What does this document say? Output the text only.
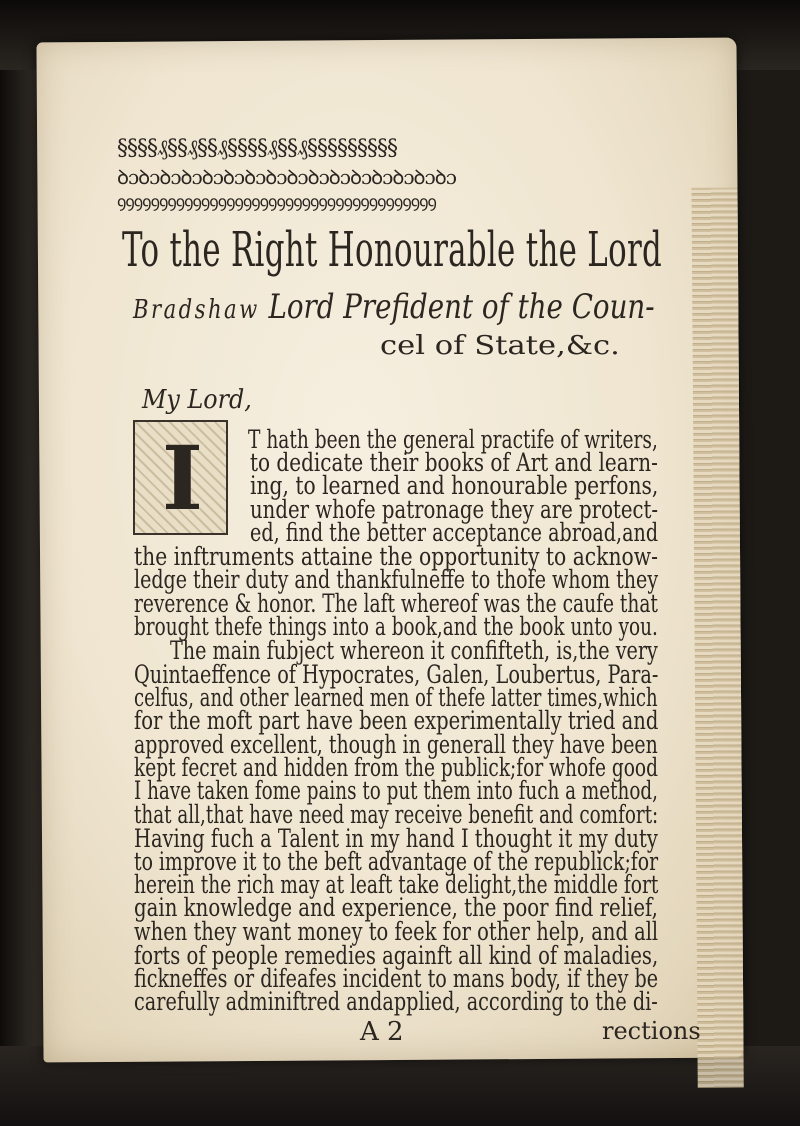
§§§§₰§§₰§§₰§§§§₰§§₰§§§§§§§§§
ꝺɔꝺɔꝺɔꝺɔꝺɔꝺɔꝺɔꝺɔꝺɔꝺɔꝺɔꝺɔꝺɔꝺɔꝺɔꝺɔ
ꝯꝯꝯꝯꝯꝯꝯꝯꝯꝯꝯꝯꝯꝯꝯꝯꝯꝯꝯꝯꝯꝯꝯꝯꝯꝯꝯꝯꝯꝯꝯꝯꝯꝯꝯꝯꝯꝯ
To the Right Honourable the Lord
Bradshaw Lord Prefident of the Coun-
cel of State,&c.
My Lord,
I	T hath been the general practife of writers,
to dedicate their books of Art and learn-
ing, to learned and honourable perfons,
under whofe patronage they are protect-
ed, find the better acceptance abroad,and
the inftruments attaine the opportunity to acknow-
ledge their duty and thankfulneffe to thofe whom they
reverence & honor. The laft whereof was the caufe that
brought thefe things into a book,and the book unto you.
The main fubject whereon it confifteth, is,the very
Quintaeffence of Hypocrates, Galen, Loubertus, Para-
celfus, and other learned men of thefe latter times,which
for the moft part have been experimentally tried and
approved excellent, though in generall they have been
kept fecret and hidden from the publick;for whofe good
I have taken fome pains to put them into fuch a method,
that all,that have need may receive benefit and comfort:
Having fuch a Talent in my hand I thought it my duty
to improve it to the beft advantage of the republick;for
herein the rich may at leaft take delight,the middle fort
gain knowledge and experience, the poor find relief,
when they want money to feek for other help, and all
forts of people remedies againft all kind of maladies,
fickneffes or difeafes incident to mans body, if they be
carefully adminiftred andapplied, according to the di-
A 2	rections
